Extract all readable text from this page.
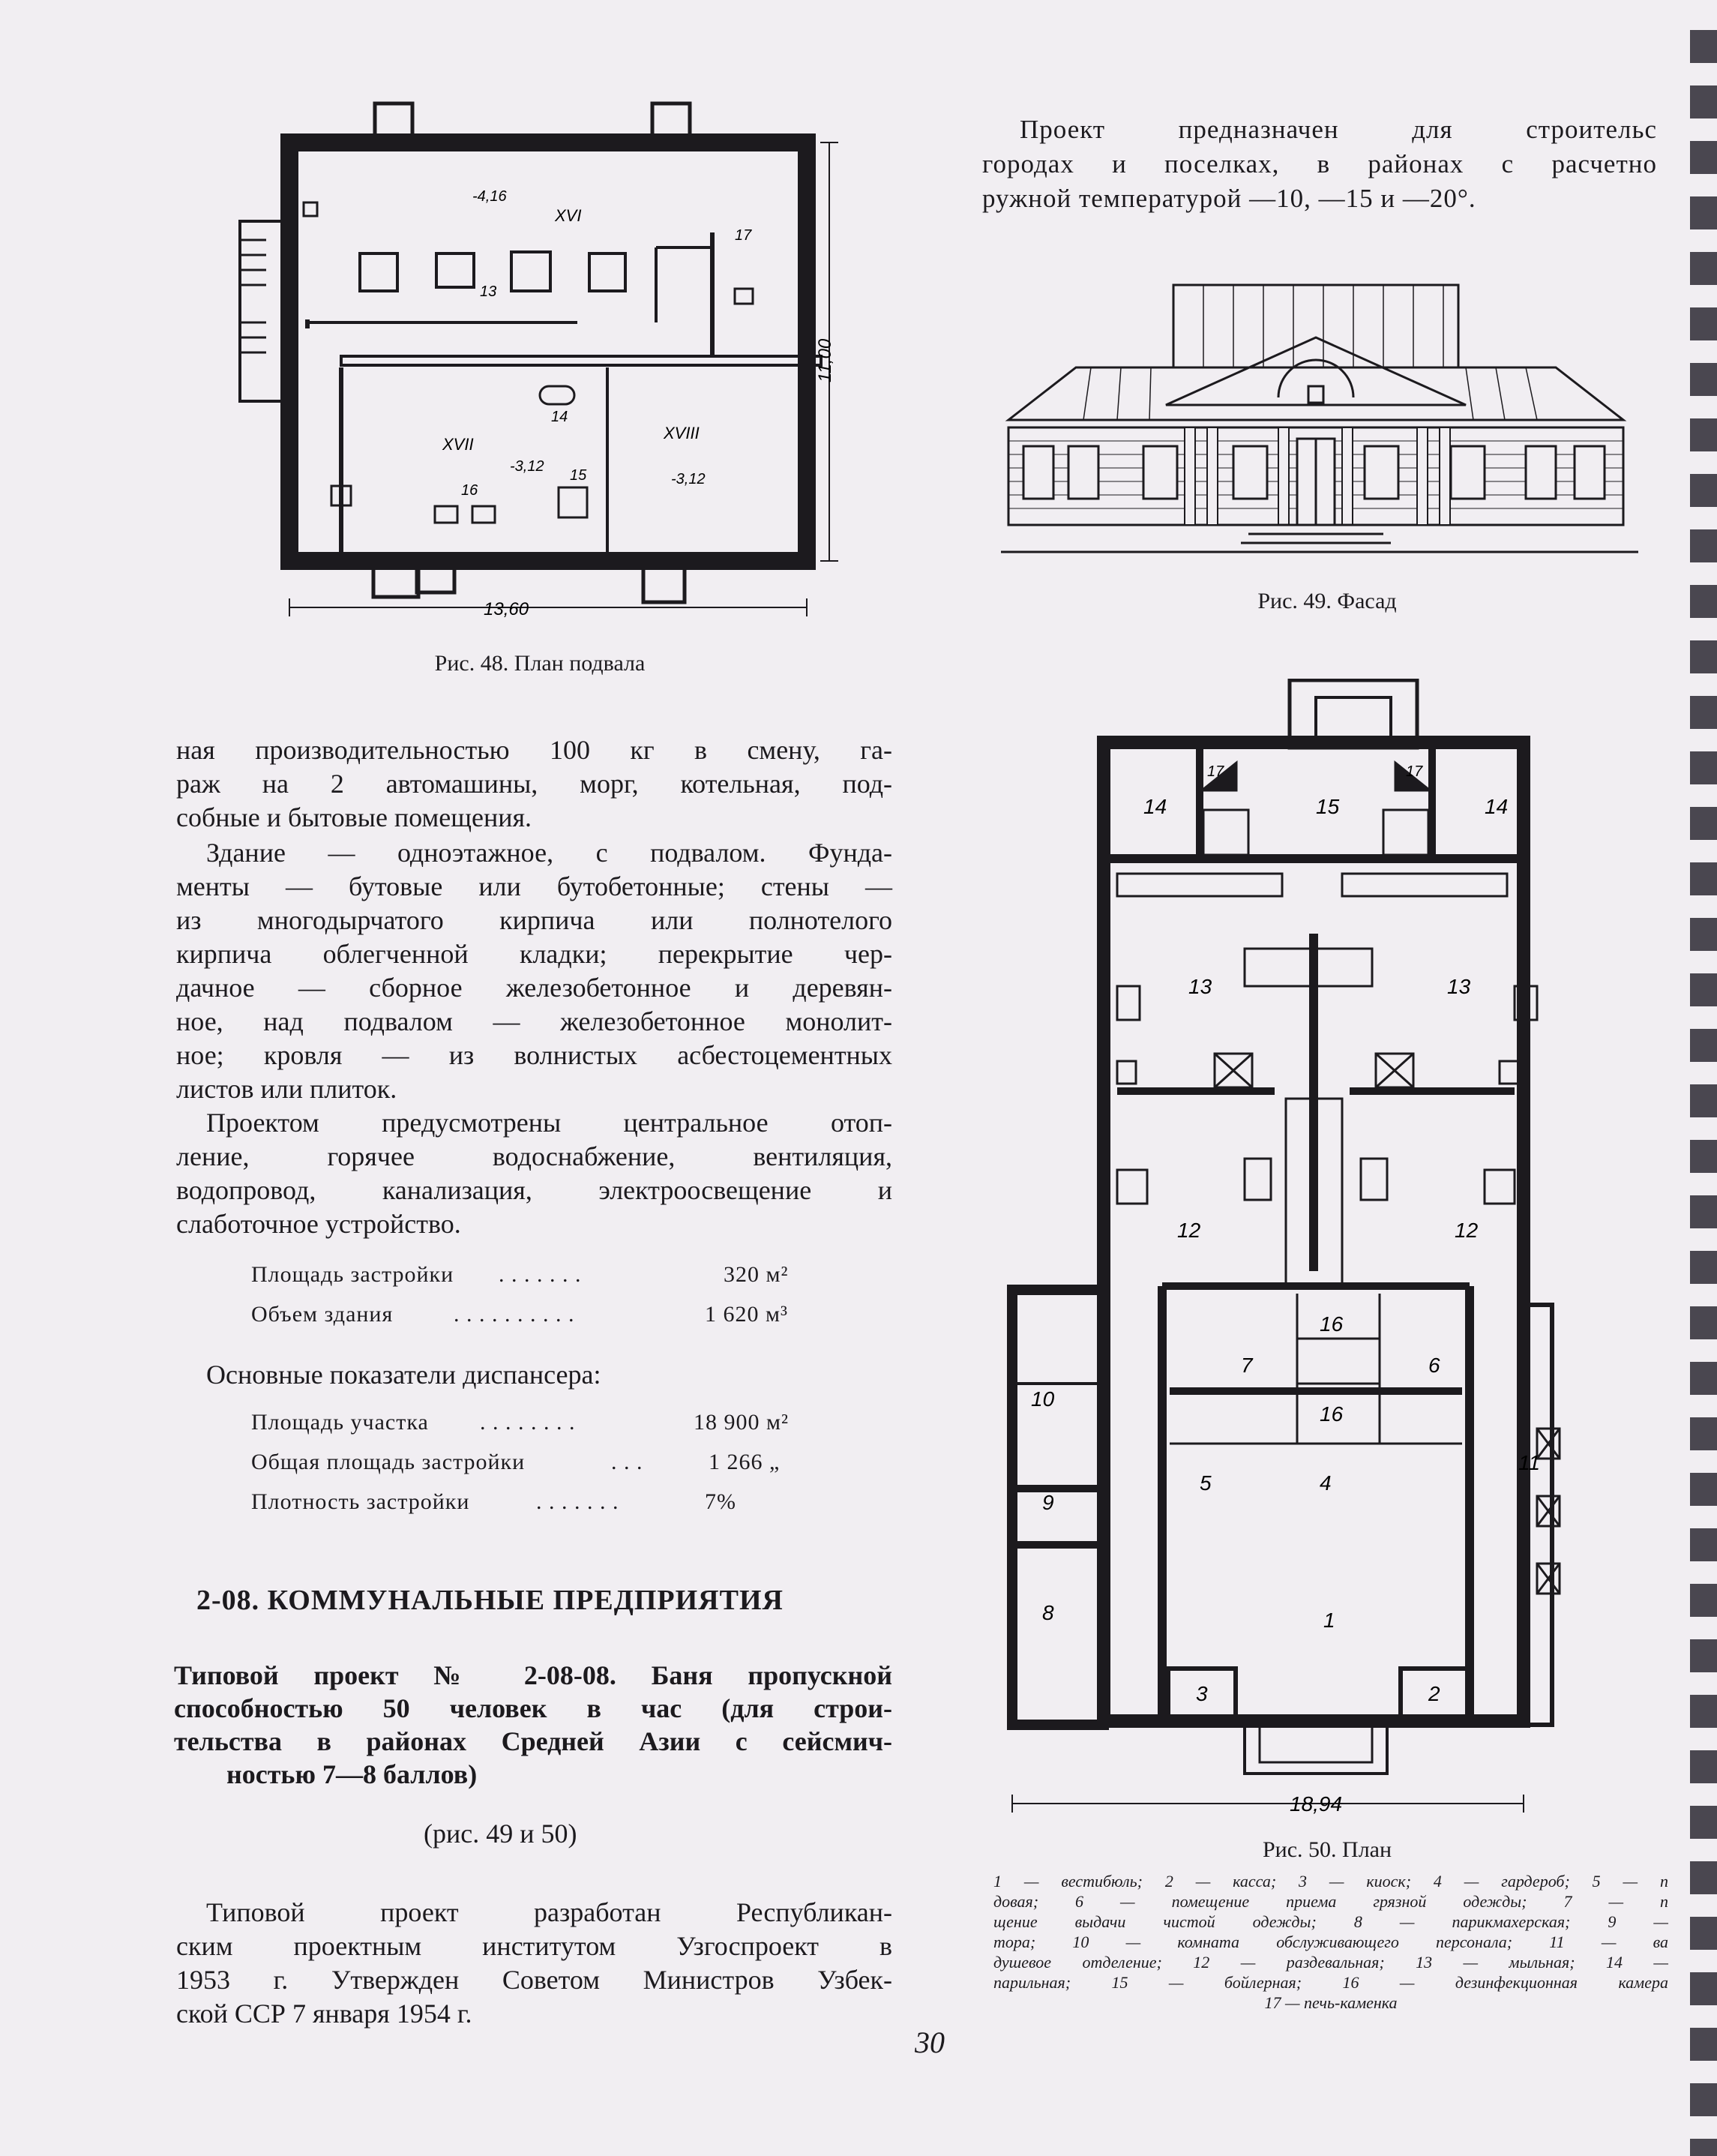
XVI
XVII
XVIII
-4,16
-3,12
-3,12
13
14
15
16
17
13,60
11,00
Рис. 48. План подвала
Проект предназначен для строительс
городах и поселках, в районах с расчетно
ружной температурой —10, —15 и —20°.
Рис. 49. Фасад
1
2
3
4
5
6
7
8
9
10
11
12	12
13	13
14	14
15
16
16
17	17
18,94
Рис. 50. План
1 — вестибюль; 2 — касса; 3 — киоск; 4 — гардероб; 5 — п
довая; 6 — помещение приема грязной одежды; 7 — п
щение выдачи чистой одежды; 8 — парикмахерская; 9 —
тора; 10 — комната обслуживающего персонала; 11 — ва
душевое отделение; 12 — раздевальная; 13 — мыльная; 14 —
парильная; 15 — бойлерная; 16 — дезинфекционная камера
17 — печь-каменка
ная производительностью 100 кг в смену, га-
раж на 2 автомашины, морг, котельная, под-
собные и бытовые помещения.
Здание — одноэтажное, с подвалом. Фунда-
менты — бутовые или бутобетонные; стены —
из многодырчатого кирпича или полнотелого
кирпича облегченной кладки; перекрытие чер-
дачное — сборное железобетонное и деревян-
ное, над подвалом — железобетонное монолит-
ное; кровля — из волнистых асбестоцементных
листов или плиток.
Проектом предусмотрены центральное отоп-
ление, горячее водоснабжение, вентиляция,
водопровод, канализация, электроосвещение и
слаботочное устройство.
Площадь застройки . . . . . . .	320 м²
Объем здания	. . . . . . . . . .	1 620 м³
Основные показатели диспансера:
Площадь участка . . . . . . . .	18 900 м²
Общая площадь застройки	. . .	1 266 „
Плотность застройки	. . . . . . .	7%
2-08. КОММУНАЛЬНЫЕ ПРЕДПРИЯТИЯ
Типовой проект № 2-08-08. Баня пропускной
способностью 50 человек в час (для строи-
тельства в районах Средней Азии с сейсмич-
ностью 7—8 баллов)
(рис. 49 и 50)
Типовой проект разработан Республикан-
ским проектным институтом Узгоспроект в
1953 г. Утвержден Советом Министров Узбек-
ской ССР 7 января 1954 г.
30
